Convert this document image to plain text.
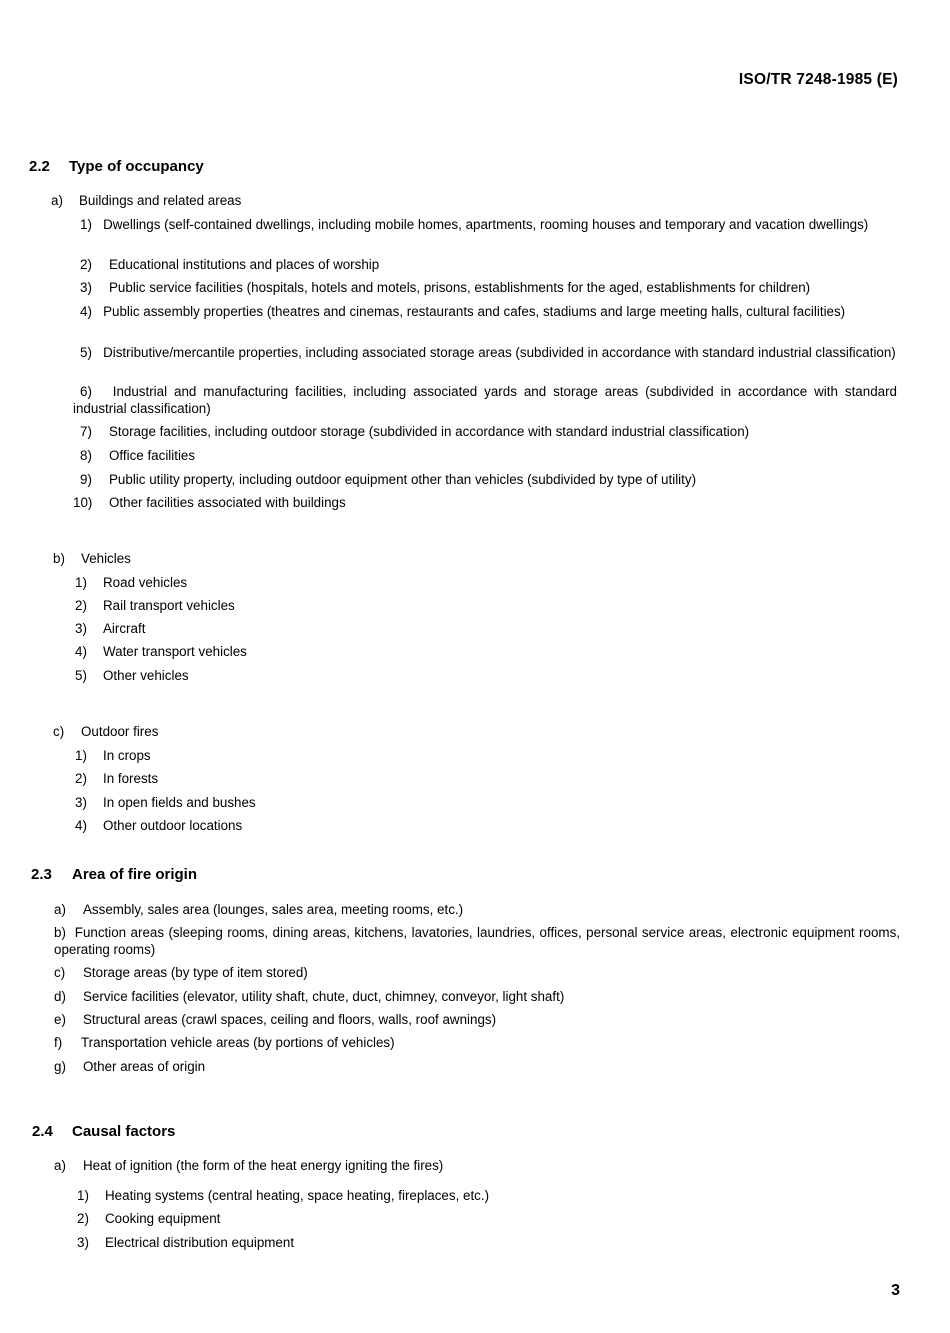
ISO/TR 7248-1985 (E)
2.2 Type of occupancy
a) Buildings and related areas
1) Dwellings (self-contained dwellings, including mobile homes, apartments, rooming houses and temporary and vacation dwellings)
2) Educational institutions and places of worship
3) Public service facilities (hospitals, hotels and motels, prisons, establishments for the aged, establishments for children)
4) Public assembly properties (theatres and cinemas, restaurants and cafes, stadiums and large meeting halls, cultural facilities)
5) Distributive/mercantile properties, including associated storage areas (subdivided in accordance with standard industrial classification)
6) Industrial and manufacturing facilities, including associated yards and storage areas (subdivided in accordance with standard industrial classification)
7) Storage facilities, including outdoor storage (subdivided in accordance with standard industrial classification)
8) Office facilities
9) Public utility property, including outdoor equipment other than vehicles (subdivided by type of utility)
10) Other facilities associated with buildings
b) Vehicles
1) Road vehicles
2) Rail transport vehicles
3) Aircraft
4) Water transport vehicles
5) Other vehicles
c) Outdoor fires
1) In crops
2) In forests
3) In open fields and bushes
4) Other outdoor locations
2.3 Area of fire origin
a) Assembly, sales area (lounges, sales area, meeting rooms, etc.)
b) Function areas (sleeping rooms, dining areas, kitchens, lavatories, laundries, offices, personal service areas, electronic equipment rooms, operating rooms)
c) Storage areas (by type of item stored)
d) Service facilities (elevator, utility shaft, chute, duct, chimney, conveyor, light shaft)
e) Structural areas (crawl spaces, ceiling and floors, walls, roof awnings)
f) Transportation vehicle areas (by portions of vehicles)
g) Other areas of origin
2.4 Causal factors
a) Heat of ignition (the form of the heat energy igniting the fires)
1) Heating systems (central heating, space heating, fireplaces, etc.)
2) Cooking equipment
3) Electrical distribution equipment
3
